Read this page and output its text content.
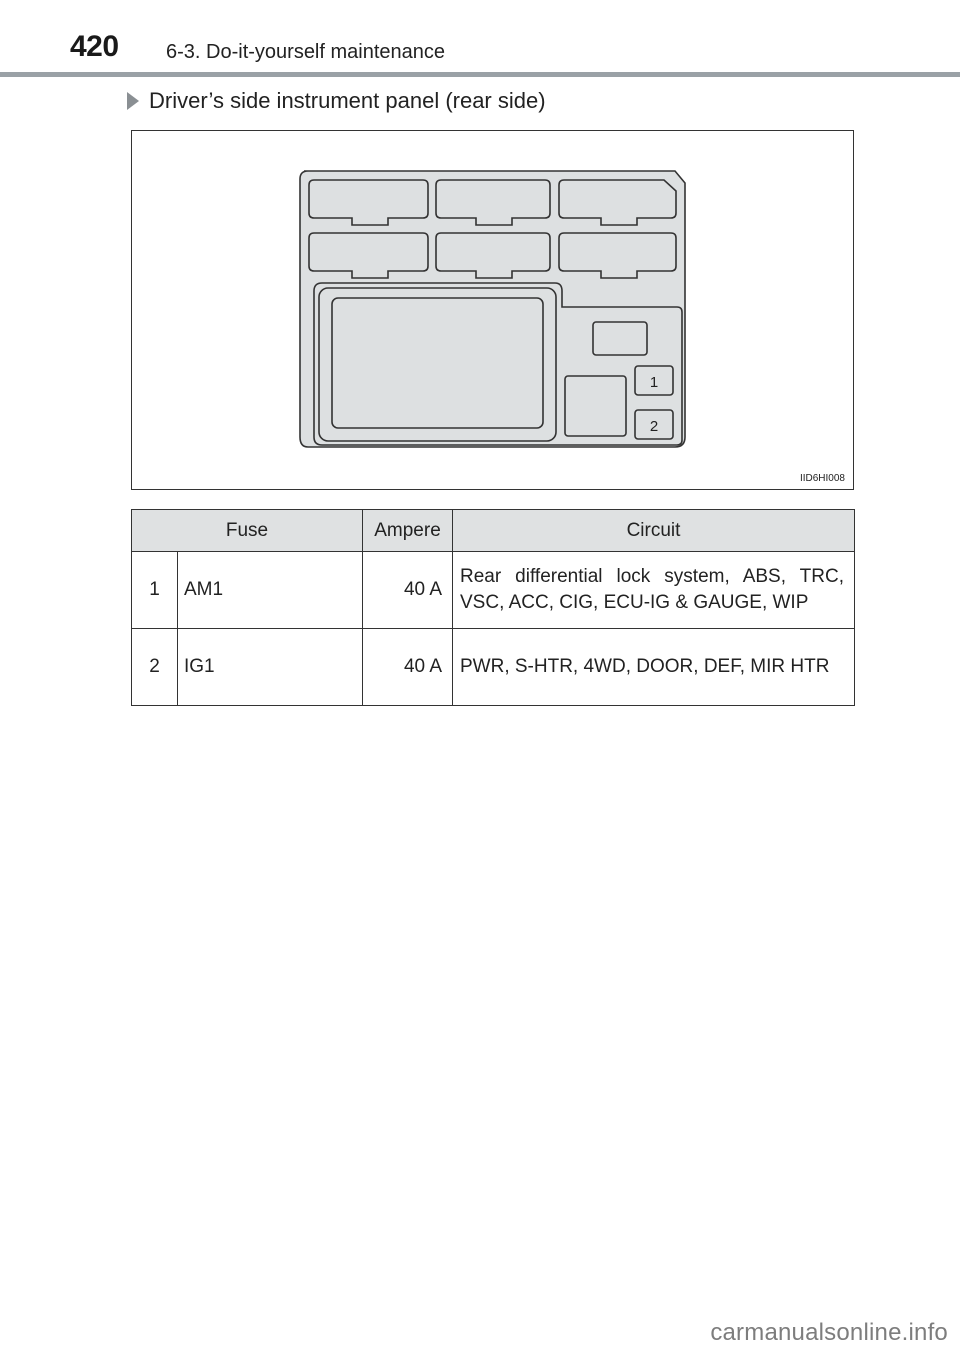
420 6-3. Do-it-yourself maintenance
Driver’s side instrument panel (rear side)
1
2
IID6HI008
Fuse		Ampere	Circuit
1	AM1	40 A	Rear differential lock system, ABS, TRC, VSC, ACC, CIG, ECU-IG & GAUGE, WIP
2	IG1	40 A	PWR, S-HTR, 4WD, DOOR, DEF, MIR HTR
carmanualsonline.info
